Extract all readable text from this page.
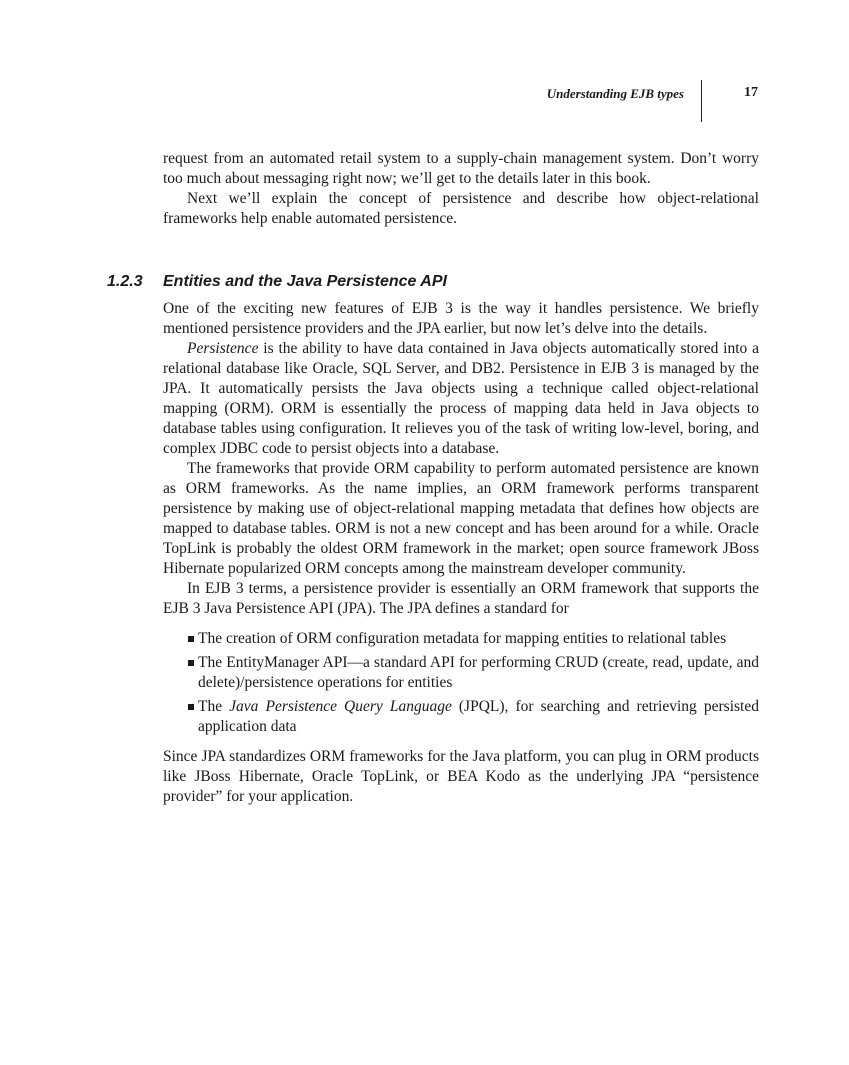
Understanding EJB types	17

request from an automated retail system to a supply-chain management system. Don’t worry too much about messaging right now; we’ll get to the details later in this book.

Next we’ll explain the concept of persistence and describe how object-relational frameworks help enable automated persistence.

1.2.3 Entities and the Java Persistence API

One of the exciting new features of EJB 3 is the way it handles persistence. We briefly mentioned persistence providers and the JPA earlier, but now let’s delve into the details.

Persistence is the ability to have data contained in Java objects automatically stored into a relational database like Oracle, SQL Server, and DB2. Persistence in EJB 3 is managed by the JPA. It automatically persists the Java objects using a technique called object-relational mapping (ORM). ORM is essentially the process of mapping data held in Java objects to database tables using configuration. It relieves you of the task of writing low-level, boring, and complex JDBC code to persist objects into a database.

The frameworks that provide ORM capability to perform automated persistence are known as ORM frameworks. As the name implies, an ORM framework performs transparent persistence by making use of object-relational mapping metadata that defines how objects are mapped to database tables. ORM is not a new concept and has been around for a while. Oracle TopLink is probably the oldest ORM framework in the market; open source framework JBoss Hibernate popularized ORM concepts among the mainstream developer community.

In EJB 3 terms, a persistence provider is essentially an ORM framework that supports the EJB 3 Java Persistence API (JPA). The JPA defines a standard for

The creation of ORM configuration metadata for mapping entities to relational tables
The EntityManager API—a standard API for performing CRUD (create, read, update, and delete)/persistence operations for entities
The Java Persistence Query Language (JPQL), for searching and retrieving persisted application data

Since JPA standardizes ORM frameworks for the Java platform, you can plug in ORM products like JBoss Hibernate, Oracle TopLink, or BEA Kodo as the underlying JPA “persistence provider” for your application.
